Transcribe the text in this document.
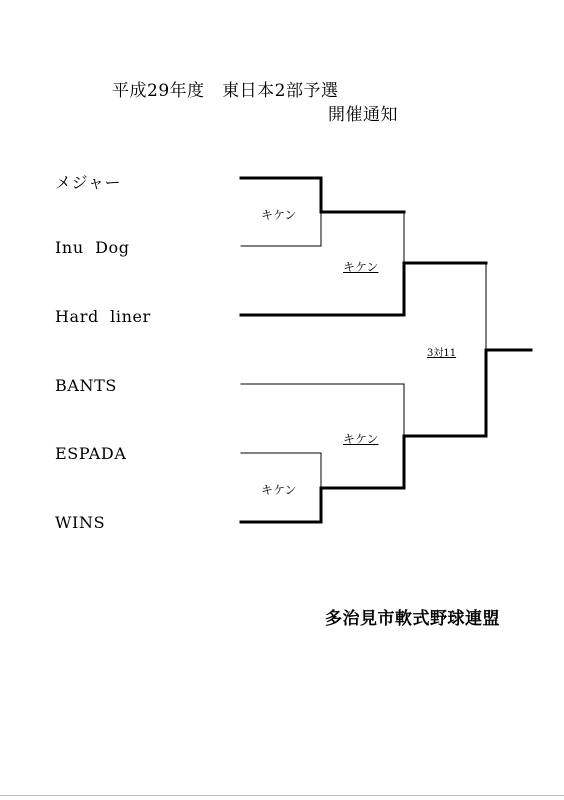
平成29年度　東日本2部予選
開催通知
メジャー
Inu  Dog
Hard  liner
BANTS
ESPADA
WINS
キケン
キケン
3対11
キケン
キケン
多治見市軟式野球連盟
